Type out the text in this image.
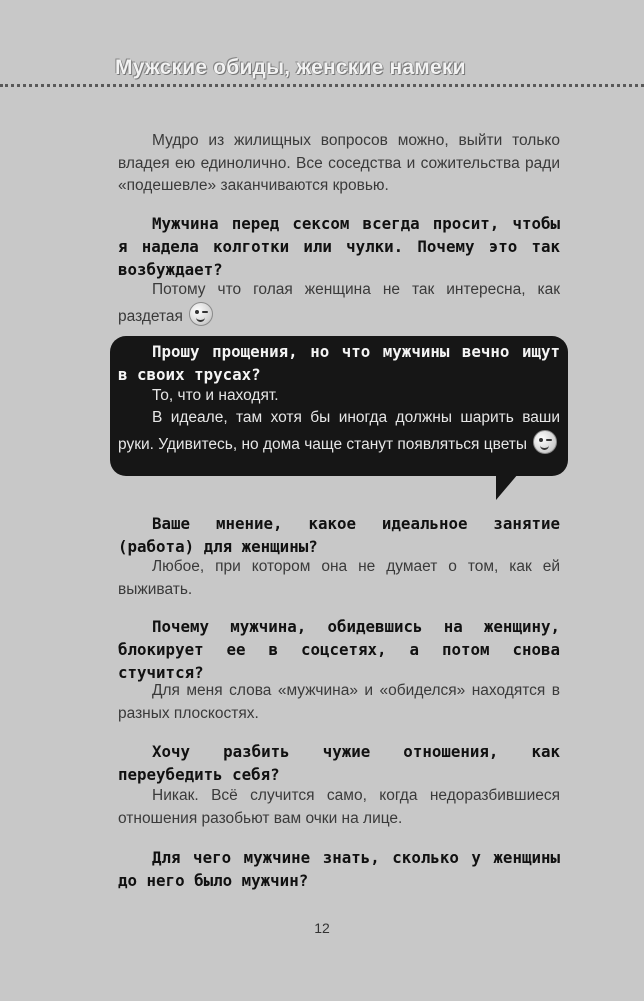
Мужские обиды, женские намеки

Мудро из жилищных вопросов можно, выйти только владея ею единолично. Все соседства и сожительства ради «подешевле» заканчиваются кровью.

Мужчина перед сексом всегда просит, чтобы я надела колготки или чулки. Почему это так возбуждает?

Потому что голая женщина не так интересна, как раздетая

Прошу прощения, но что мужчины вечно ищут в своих трусах?

То, что и находят.

В идеале, там хотя бы иногда должны шарить ваши руки. Удивитесь, но дома чаще станут появляться цветы

Ваше мнение, какое идеальное занятие (работа) для женщины?

Любое, при котором она не думает о том, как ей выживать.

Почему мужчина, обидевшись на женщину, блокирует ее в соцсетях, а потом снова стучится?

Для меня слова «мужчина» и «обиделся» находятся в разных плоскостях.

Хочу разбить чужие отношения, как переубедить себя?

Никак. Всё случится само, когда недоразбившиеся отношения разобьют вам очки на лице.

Для чего мужчине знать, сколько у женщины до него было мужчин?

12
